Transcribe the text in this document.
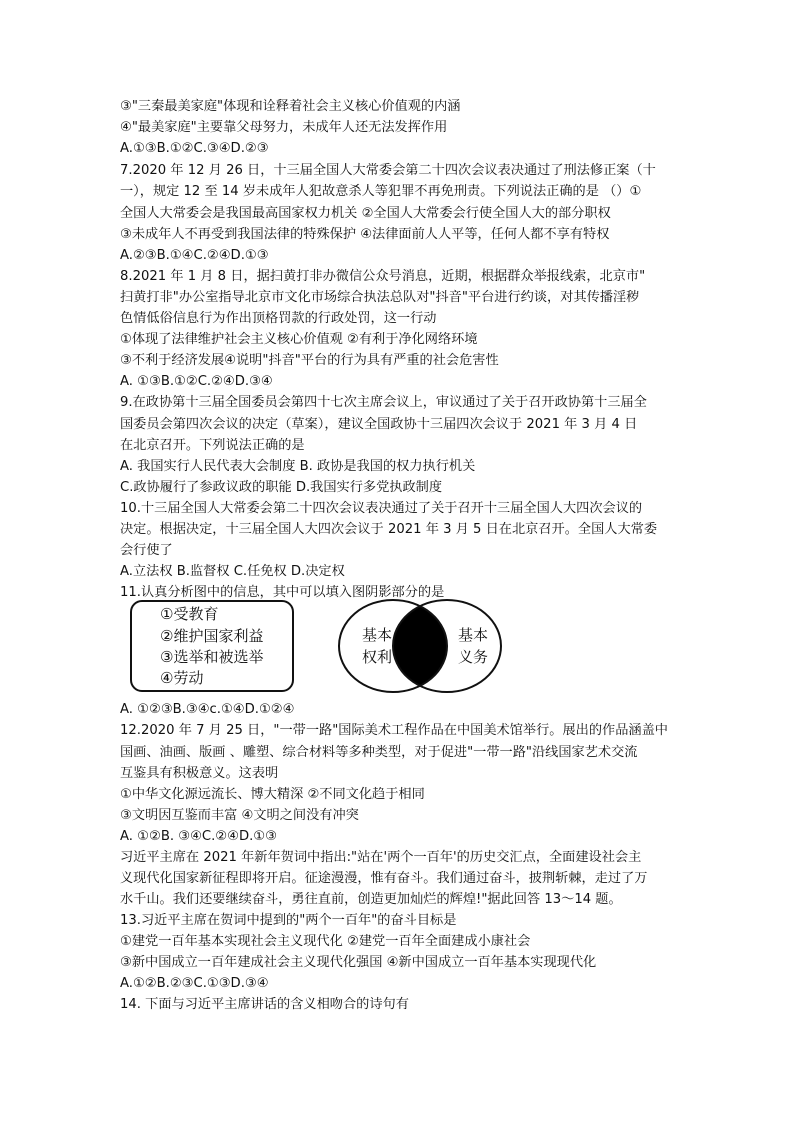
③"三秦最美家庭"体现和诠释着社会主义核心价值观的内涵
④"最美家庭"主要靠父母努力，未成年人还无法发挥作用
A.①③B.①②C.③④D.②③
7.2020 年 12 月 26 日，十三届全国人大常委会第二十四次会议表决通过了刑法修正案（十
一），规定 12 至 14 岁未成年人犯故意杀人等犯罪不再免刑责。下列说法正确的是 （）①
全国人大常委会是我国最高国家权力机关 ②全国人大常委会行使全国人大的部分职权
③未成年人不再受到我国法律的特殊保护 ④法律面前人人平等，任何人都不享有特权
A.②③B.①④C.②④D.①③
8.2021 年 1 月 8 日，据扫黄打非办微信公众号消息，近期，根据群众举报线索，北京市"
扫黄打非"办公室指导北京市文化市场综合执法总队对"抖音"平台进行约谈，对其传播淫秽
色情低俗信息行为作出顶格罚款的行政处罚，这一行动
①体现了法律维护社会主义核心价值观 ②有利于净化网络环境
③不利于经济发展④说明"抖音"平台的行为具有严重的社会危害性
A. ①③B.①②C.②④D.③④
9.在政协第十三届全国委员会第四十七次主席会议上，审议通过了关于召开政协第十三届全
国委员会第四次会议的决定（草案），建议全国政协十三届四次会议于 2021 年 3 月 4 日
在北京召开。下列说法正确的是
A. 我国实行人民代表大会制度 B. 政协是我国的权力执行机关
C.政协履行了参政议政的职能 D.我国实行多党执政制度
10.十三届全国人大常委会第二十四次会议表决通过了关于召开十三届全国人大四次会议的
决定。根据决定，十三届全国人大四次会议于 2021 年 3 月 5 日在北京召开。全国人大常委
会行使了
A.立法权 B.监督权 C.任免权 D.决定权
11.认真分析图中的信息，其中可以填入图阴影部分的是
①受教育
②维护国家利益
③选举和被选举
④劳动
基本
权利
基本
义务
A. ①②③B.③④c.①④D.①②④
12.2020 年 7 月 25 日，"一带一路"国际美术工程作品在中国美术馆举行。展出的作品涵盖中
国画、油画、版画 、雕塑、综合材料等多种类型，对于促进"一带一路"沿线国家艺术交流
互鉴具有积极意义。这表明
①中华文化源远流长、博大精深 ②不同文化趋于相同
③文明因互鉴而丰富 ④文明之间没有冲突
A. ①②B. ③④C.②④D.①③
习近平主席在 2021 年新年贺词中指出:"站在'两个一百年'的历史交汇点，全面建设社会主
义现代化国家新征程即将开启。征途漫漫，惟有奋斗。我们通过奋斗，披荆斩棘，走过了万
水千山。我们还要继续奋斗，勇往直前，创造更加灿烂的辉煌!"据此回答 13～14 题。
13.习近平主席在贺词中提到的"两个一百年"的奋斗目标是
①建党一百年基本实现社会主义现代化 ②建党一百年全面建成小康社会
③新中国成立一百年建成社会主义现代化强国 ④新中国成立一百年基本实现现代化
A.①②B.②③C.①③D.③④
14. 下面与习近平主席讲话的含义相吻合的诗句有
